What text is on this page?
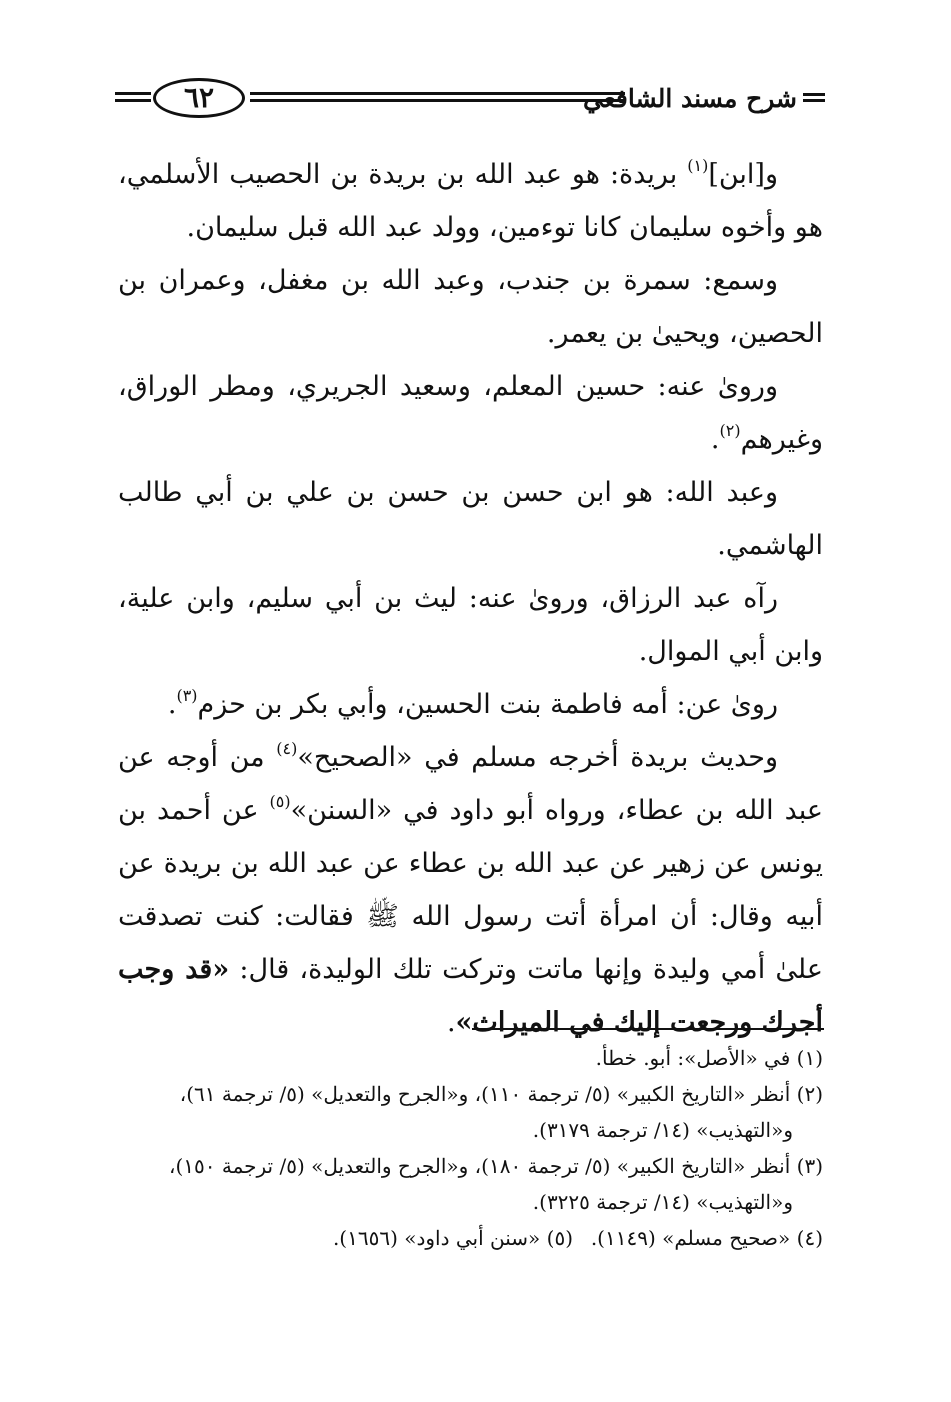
شرح مسند الشافعي
٦٢

و[ابن]$^{(١)}$ بريدة: هو عبد الله بن بريدة بن الحصيب الأسلمي، هو وأخوه سليمان كانا توءمين، وولد عبد الله قبل سليمان.

وسمع: سمرة بن جندب، وعبد الله بن مغفل، وعمران بن الحصين، ويحيىٰ بن يعمر.

وروىٰ عنه: حسين المعلم، وسعيد الجريري، ومطر الوراق، وغيرهم$^{(٢)}$.

وعبد الله: هو ابن حسن بن حسن بن علي بن أبي طالب الهاشمي.

رآه عبد الرزاق، وروىٰ عنه: ليث بن أبي سليم، وابن علية، وابن أبي الموال.

روىٰ عن: أمه فاطمة بنت الحسين، وأبي بكر بن حزم$^{(٣)}$.

وحديث بريدة أخرجه مسلم في «الصحيح»$^{(٤)}$ من أوجه عن عبد الله بن عطاء، ورواه أبو داود في «السنن»$^{(٥)}$ عن أحمد بن يونس عن زهير عن عبد الله بن عطاء عن عبد الله بن بريدة عن أبيه وقال: أن امرأة أتت رسول الله ﷺ فقالت: كنت تصدقت علىٰ أمي وليدة وإنها ماتت وتركت تلك الوليدة، قال: «قد وجب أجرك ورجعت إليك في الميراث».

(١) في «الأصل»: أبو. خطأ.

(٢) أنظر «التاريخ الكبير» (٥/ ترجمة ١١٠)، و«الجرح والتعديل» (٥/ ترجمة ٦١)،

و«التهذيب» (١٤/ ترجمة ٣١٧٩).

(٣) أنظر «التاريخ الكبير» (٥/ ترجمة ١٨٠)، و«الجرح والتعديل» (٥/ ترجمة ١٥٠)،

و«التهذيب» (١٤/ ترجمة ٣٢٢٥).

(٤) «صحيح مسلم» (١١٤٩).
(٥) «سنن أبي داود» (١٦٥٦).
